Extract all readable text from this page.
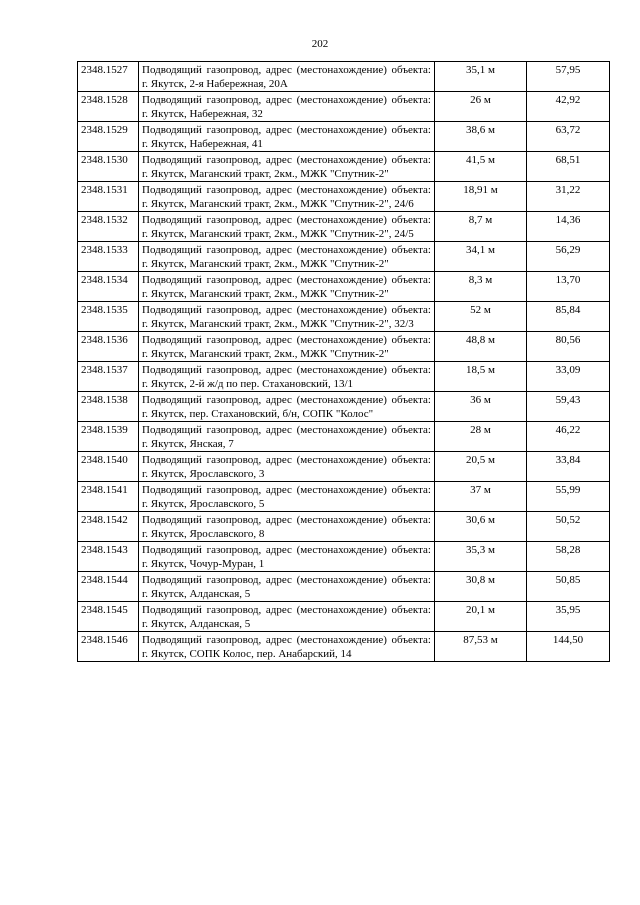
202
2348.1527	Подводящий газопровод, адрес (местонахождение) объекта: г. Якутск, 2-я Набережная, 20А	35,1 м	57,95
2348.1528	Подводящий газопровод, адрес (местонахождение) объекта: г. Якутск, Набережная, 32	26 м	42,92
2348.1529	Подводящий газопровод, адрес (местонахождение) объекта: г. Якутск, Набережная, 41	38,6 м	63,72
2348.1530	Подводящий газопровод, адрес (местонахождение) объекта: г. Якутск, Маганский тракт, 2км., МЖК "Спутник-2"	41,5 м	68,51
2348.1531	Подводящий газопровод, адрес (местонахождение) объекта: г. Якутск, Маганский тракт, 2км., МЖК "Спутник-2", 24/6	18,91 м	31,22
2348.1532	Подводящий газопровод, адрес (местонахождение) объекта: г. Якутск, Маганский тракт, 2км., МЖК "Спутник-2", 24/5	8,7 м	14,36
2348.1533	Подводящий газопровод, адрес (местонахождение) объекта: г. Якутск, Маганский тракт, 2км., МЖК "Спутник-2"	34,1 м	56,29
2348.1534	Подводящий газопровод, адрес (местонахождение) объекта: г. Якутск, Маганский тракт, 2км., МЖК "Спутник-2"	8,3 м	13,70
2348.1535	Подводящий газопровод, адрес (местонахождение) объекта: г. Якутск, Маганский тракт, 2км., МЖК "Спутник-2", 32/3	52 м	85,84
2348.1536	Подводящий газопровод, адрес (местонахождение) объекта: г. Якутск, Маганский тракт, 2км., МЖК "Спутник-2"	48,8 м	80,56
2348.1537	Подводящий газопровод, адрес (местонахождение) объекта: г. Якутск, 2-й ж/д по пер. Стахановский, 13/1	18,5 м	33,09
2348.1538	Подводящий газопровод, адрес (местонахождение) объекта: г. Якутск, пер. Стахановский, б/н, СОПК "Колос"	36 м	59,43
2348.1539	Подводящий газопровод, адрес (местонахождение) объекта: г. Якутск, Янская, 7	28 м	46,22
2348.1540	Подводящий газопровод, адрес (местонахождение) объекта: г. Якутск, Ярославского, 3	20,5 м	33,84
2348.1541	Подводящий газопровод, адрес (местонахождение) объекта: г. Якутск, Ярославского, 5	37 м	55,99
2348.1542	Подводящий газопровод, адрес (местонахождение) объекта: г. Якутск, Ярославского, 8	30,6 м	50,52
2348.1543	Подводящий газопровод, адрес (местонахождение) объекта: г. Якутск, Чочур-Муран, 1	35,3 м	58,28
2348.1544	Подводящий газопровод, адрес (местонахождение) объекта: г. Якутск, Алданская, 5	30,8 м	50,85
2348.1545	Подводящий газопровод, адрес (местонахождение) объекта: г. Якутск, Алданская, 5	20,1 м	35,95
2348.1546	Подводящий газопровод, адрес (местонахождение) объекта: г. Якутск, СОПК Колос, пер. Анабарский, 14	87,53 м	144,50
